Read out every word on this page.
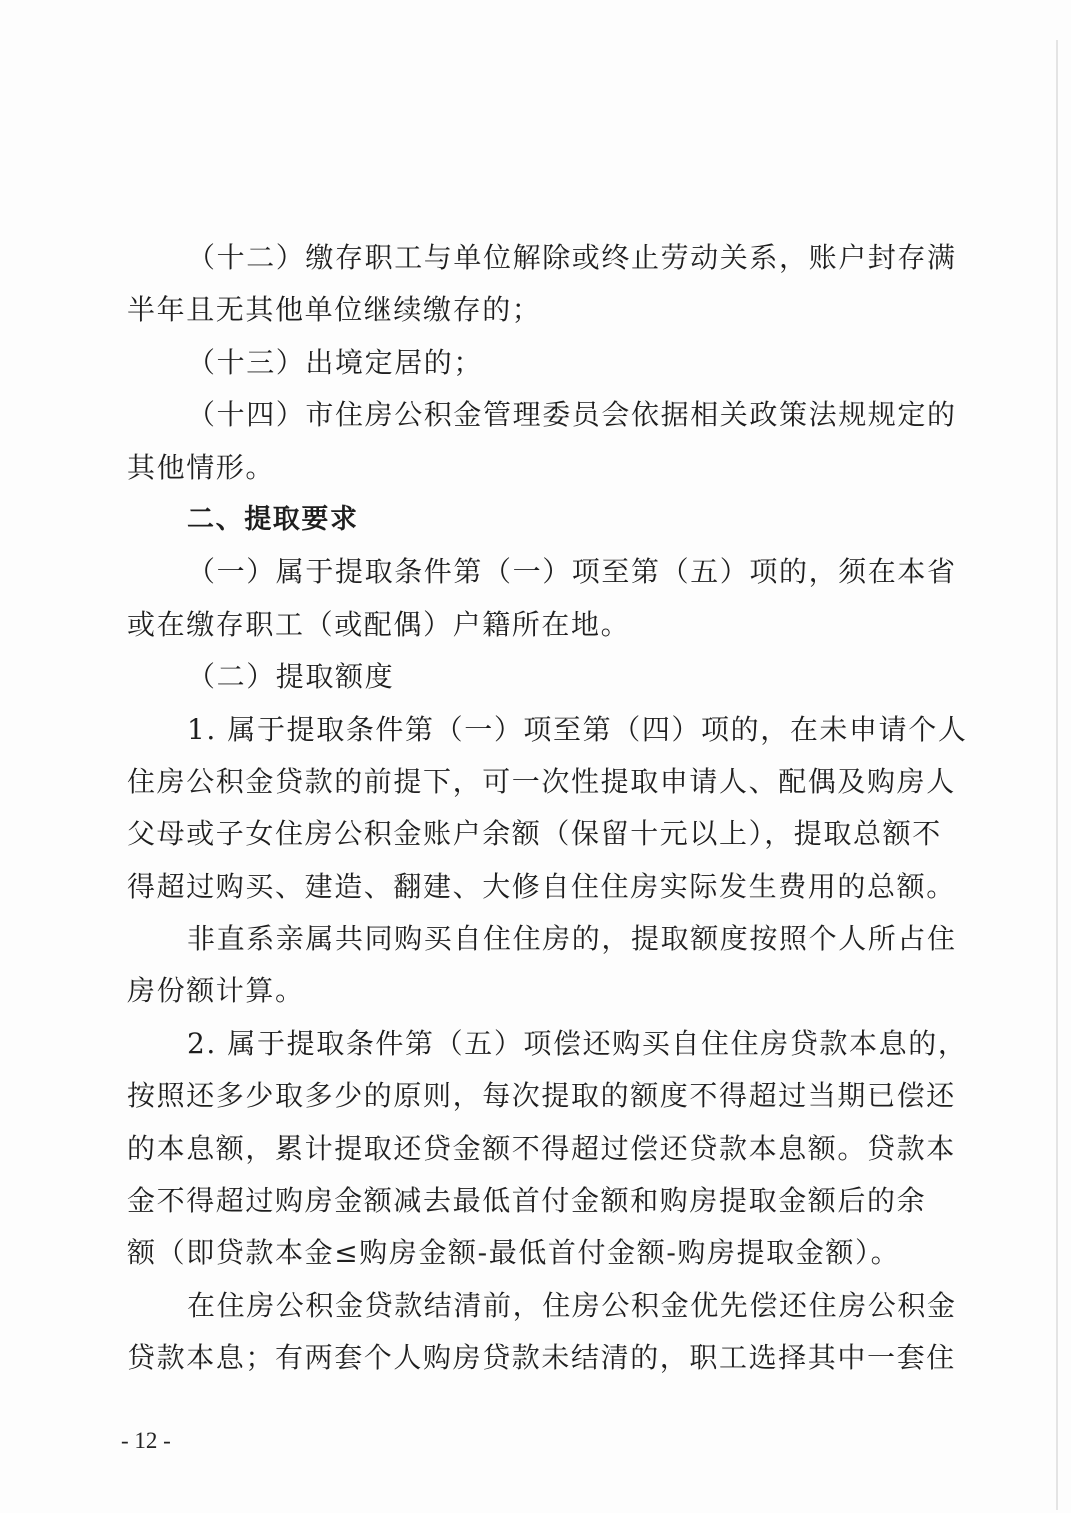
（十二）缴存职工与单位解除或终止劳动关系，账户封存满
半年且无其他单位继续缴存的；
（十三）出境定居的；
（十四）市住房公积金管理委员会依据相关政策法规规定的
其他情形。
二、提取要求
（一）属于提取条件第（一）项至第（五）项的，须在本省
或在缴存职工（或配偶）户籍所在地。
（二）提取额度
1. 属于提取条件第（一）项至第（四）项的，在未申请个人
住房公积金贷款的前提下，可一次性提取申请人、配偶及购房人
父母或子女住房公积金账户余额（保留十元以上），提取总额不
得超过购买、建造、翻建、大修自住住房实际发生费用的总额。
非直系亲属共同购买自住住房的，提取额度按照个人所占住
房份额计算。
2. 属于提取条件第（五）项偿还购买自住住房贷款本息的，
按照还多少取多少的原则，每次提取的额度不得超过当期已偿还
的本息额，累计提取还贷金额不得超过偿还贷款本息额。贷款本
金不得超过购房金额减去最低首付金额和购房提取金额后的余
额（即贷款本金≤购房金额-最低首付金额-购房提取金额）。
在住房公积金贷款结清前，住房公积金优先偿还住房公积金
贷款本息；有两套个人购房贷款未结清的，职工选择其中一套住
- 12 -
